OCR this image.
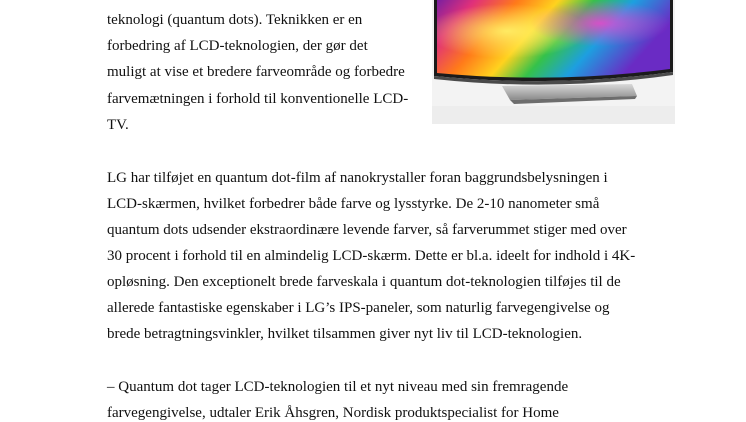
teknologi (quantum dots). Teknikken er en
forbedring af LCD-teknologien, der gør det
muligt at vise et bredere farveområde og forbedre
farvemætningen i forhold til konventionelle LCD-
TV.
LG har tilføjet en quantum dot-film af nanokrystaller foran baggrundsbelysningen i
LCD-skærmen, hvilket forbedrer både farve og lysstyrke. De 2-10 nanometer små
quantum dots udsender ekstraordinære levende farver, så farverummet stiger med over
30 procent i forhold til en almindelig LCD-skærm. Dette er bl.a. ideelt for indhold i 4K-
opløsning. Den exceptionelt brede farveskala i quantum dot-teknologien tilføjes til de
allerede fantastiske egenskaber i LG’s IPS-paneler, som naturlig farvegengivelse og
brede betragtningsvinkler, hvilket tilsammen giver nyt liv til LCD-teknologien.
– Quantum dot tager LCD-teknologien til et nyt niveau med sin fremragende
farvegengivelse, udtaler Erik Åhsgren, Nordisk produktspecialist for Home
